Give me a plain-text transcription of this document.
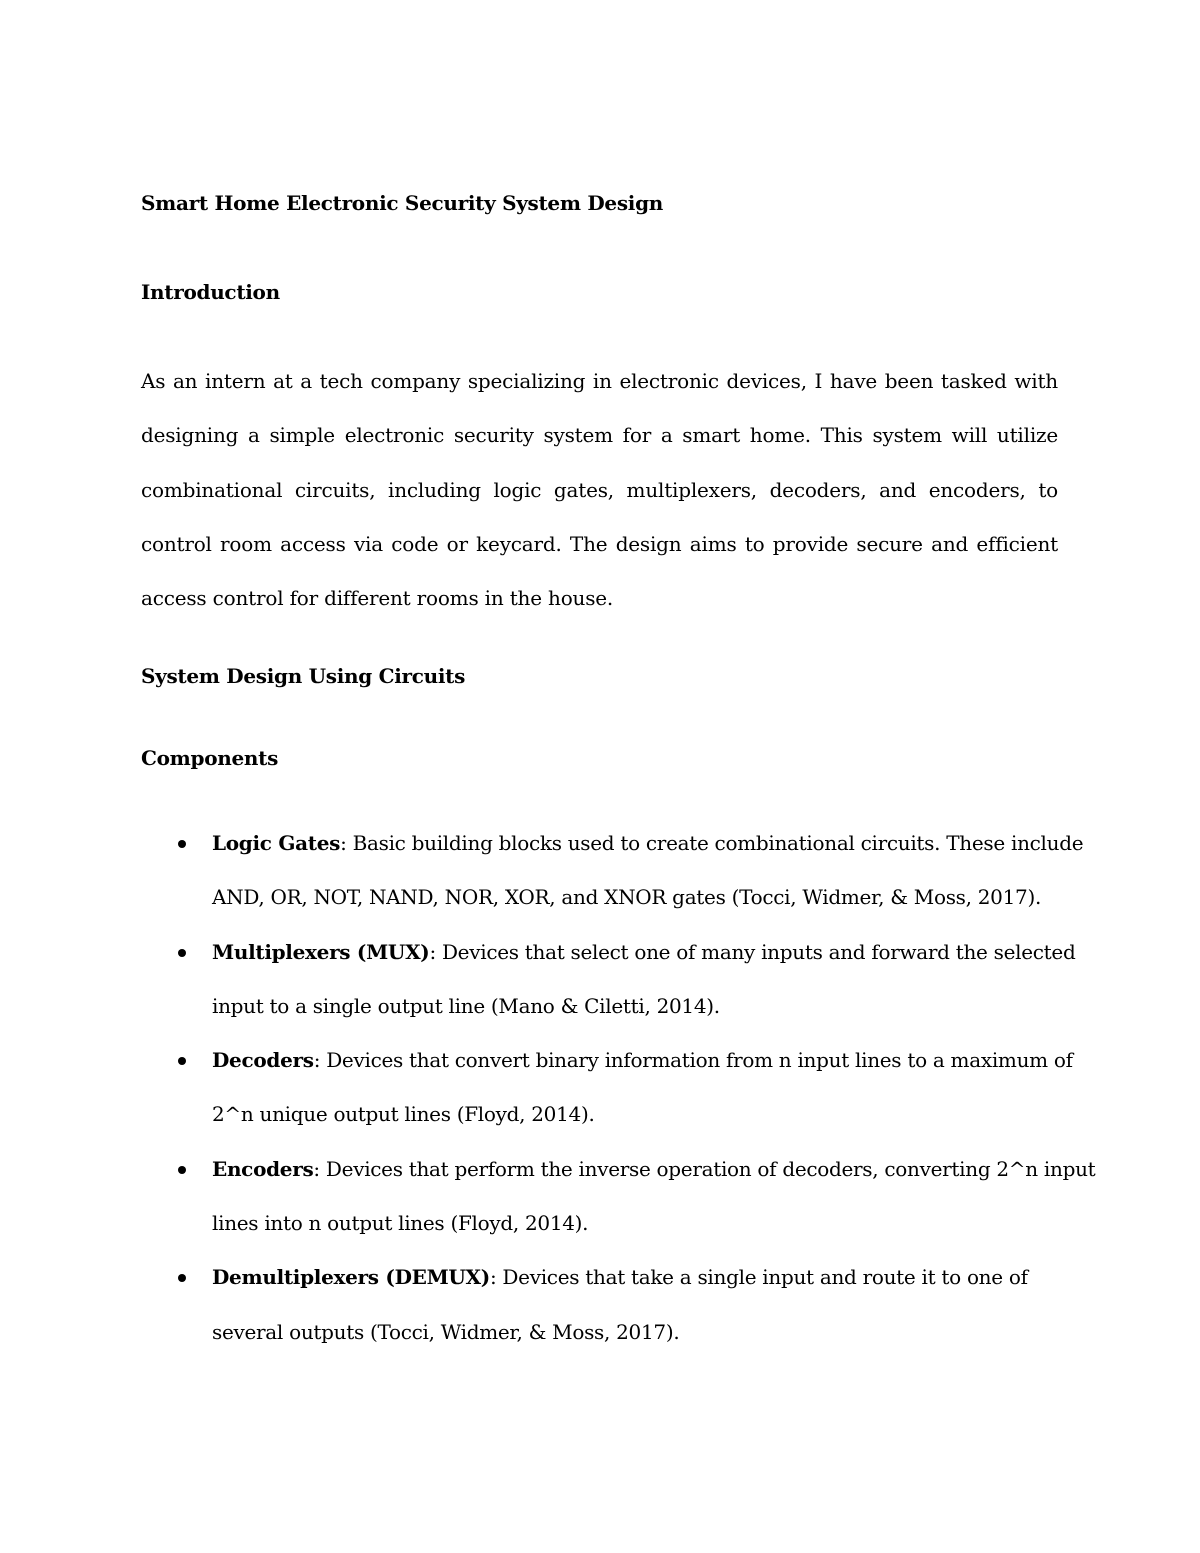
Smart Home Electronic Security System Design
Introduction

As an intern at a tech company specializing in electronic devices, I have been tasked with designing a simple electronic security system for a smart home. This system will utilize combinational circuits, including logic gates, multiplexers, decoders, and encoders, to control room access via code or keycard. The design aims to provide secure and efficient access control for different rooms in the house.

System Design Using Circuits
Components
Logic Gates: Basic building blocks used to create combinational circuits. These include AND, OR, NOT, NAND, NOR, XOR, and XNOR gates (Tocci, Widmer, & Moss, 2017).
Multiplexers (MUX): Devices that select one of many inputs and forward the selected input to a single output line (Mano & Ciletti, 2014).
Decoders: Devices that convert binary information from n input lines to a maximum of 2^n unique output lines (Floyd, 2014).
Encoders: Devices that perform the inverse operation of decoders, converting 2^n input lines into n output lines (Floyd, 2014).
Demultiplexers (DEMUX): Devices that take a single input and route it to one of several outputs (Tocci, Widmer, & Moss, 2017).
